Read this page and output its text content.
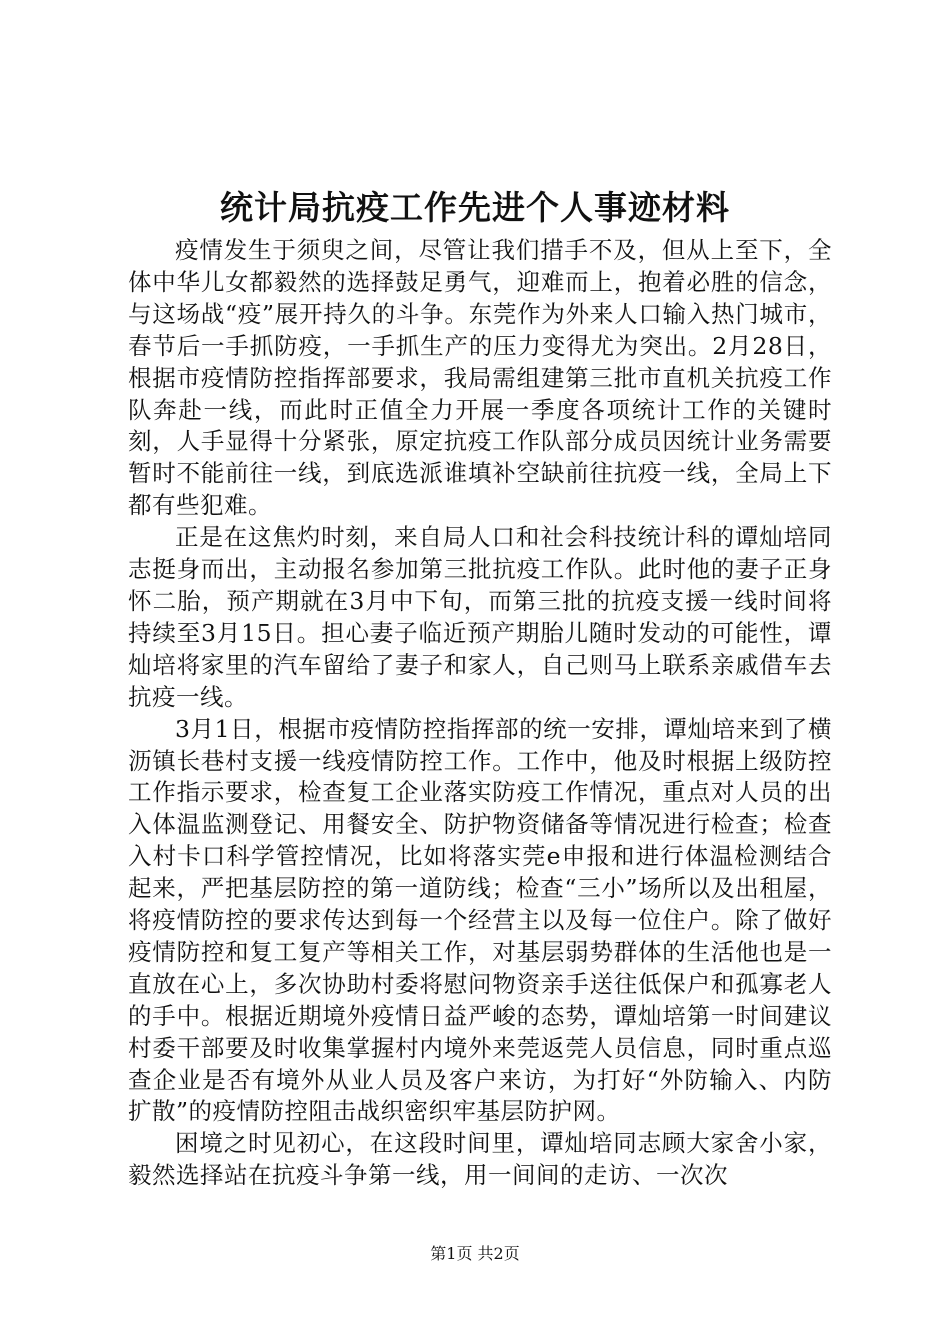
统计局抗疫工作先进个人事迹材料

疫情发生于须臾之间，尽管让我们措手不及，但从上至下，全体中华儿女都毅然的选择鼓足勇气，迎难而上，抱着必胜的信念，与这场战“疫”展开持久的斗争。东莞作为外来人口输入热门城市，春节后一手抓防疫，一手抓生产的压力变得尤为突出。2月28日，根据市疫情防控指挥部要求，我局需组建第三批市直机关抗疫工作队奔赴一线，而此时正值全力开展一季度各项统计工作的关键时刻，人手显得十分紧张，原定抗疫工作队部分成员因统计业务需要暂时不能前往一线，到底选派谁填补空缺前往抗疫一线，全局上下都有些犯难。

正是在这焦灼时刻，来自局人口和社会科技统计科的谭灿培同志挺身而出，主动报名参加第三批抗疫工作队。此时他的妻子正身怀二胎，预产期就在3月中下旬，而第三批的抗疫支援一线时间将持续至3月15日。担心妻子临近预产期胎儿随时发动的可能性，谭灿培将家里的汽车留给了妻子和家人，自己则马上联系亲戚借车去抗疫一线。

3月1日，根据市疫情防控指挥部的统一安排，谭灿培来到了横沥镇长巷村支援一线疫情防控工作。工作中，他及时根据上级防控工作指示要求，检查复工企业落实防疫工作情况，重点对人员的出入体温监测登记、用餐安全、防护物资储备等情况进行检查；检查入村卡口科学管控情况，比如将落实莞e申报和进行体温检测结合起来，严把基层防控的第一道防线；检查“三小”场所以及出租屋，将疫情防控的要求传达到每一个经营主以及每一位住户。除了做好疫情防控和复工复产等相关工作，对基层弱势群体的生活他也是一直放在心上，多次协助村委将慰问物资亲手送往低保户和孤寡老人的手中。根据近期境外疫情日益严峻的态势，谭灿培第一时间建议村委干部要及时收集掌握村内境外来莞返莞人员信息，同时重点巡查企业是否有境外从业人员及客户来访，为打好“外防输入、内防扩散”的疫情防控阻击战织密织牢基层防护网。

困境之时见初心，在这段时间里，谭灿培同志顾大家舍小家，毅然选择站在抗疫斗争第一线，用一间间的走访、一次次

第1页 共2页
